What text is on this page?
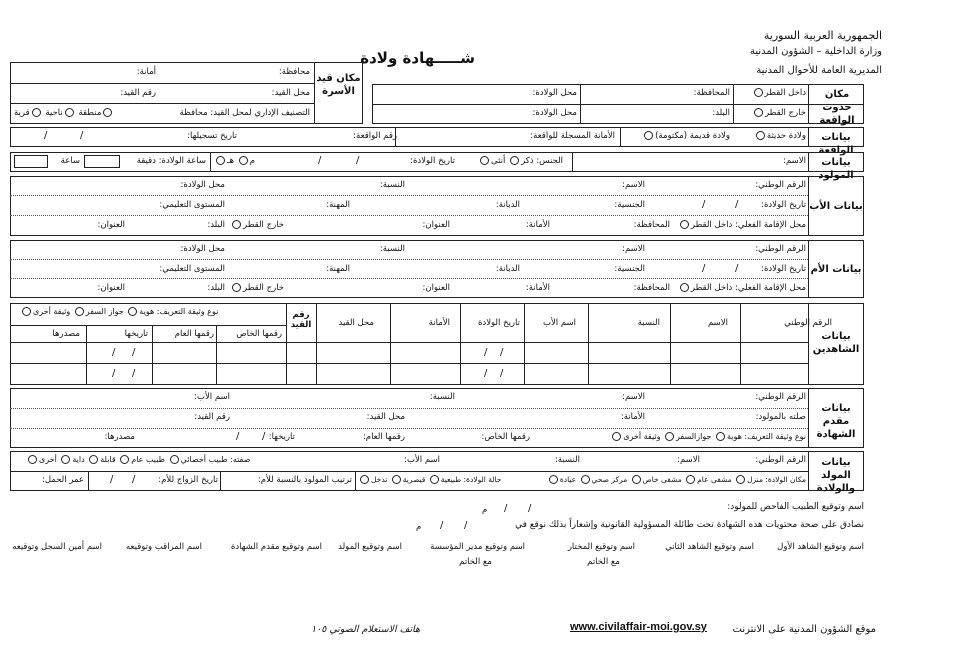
الجمهورية العربية السورية
وزارة الداخلية – الشؤون المدنية
المديرية العامة للأحوال المدنية
شـــــهادة ولادة
مكان قيد الأسرة
محافظة:
أمانة:
محل القيد:
رقم القيد:
التصنيف الإداري لمحل القيد: محافظة
منطقة ناحية قرية
مكان حدوث الواقعة
داخل القطر
خارج القطر
المحافظة:
البلد:
محل الولادة:
محل الولادة:
بيانات الواقعة
ولادة حديثة
ولادة قديمة (مكتومة)
الأمانة المسجلة للواقعة:
رقم الواقعة:
تاريخ تسجيلها:
/	/
بيانات المولود
الاسم:
الجنس: ذكر أنثى
تاريخ الولادة:
/
/
م هـ
ساعة الولادة: دقيقة
ساعة
بيانات الأب
الرقم الوطني:
الاسم:
النسبة:
محل الولادة:
تاريخ الولادة:
/
/
الجنسية:
الديانة:
المهنة:
المستوى التعليمي:
محل الإقامة الفعلي: داخل القطر
المحافظة:
الأمانة:
العنوان:
خارج القطر
البلد:
العنوان:
بيانات الأم
الرقم الوطني:
الاسم:
النسبة:
محل الولادة:
تاريخ الولادة:
/
/
الجنسية:
الديانة:
المهنة:
المستوى التعليمي:
محل الإقامة الفعلي: داخل القطر
المحافظة:
الأمانة:
العنوان:
خارج القطر
البلد:
العنوان:
بيانات الشاهدين
الرقم الوطني
الاسم
النسبة
اسم الأب
تاريخ الولادة
الأمانة
محل القيد
رقم القيد
نوع وثيقة التعريف: هوية جواز السفر وثيقة أخرى
رقمها الخاص
رقمها العام
تاريخها
مصدرها
/
/
/
/
/
/
/
/
بيانات مقدم الشهادة
الرقم الوطني:
الاسم:
النسبة:
اسم الأب:
صلته بالمولود:
الأمانة:
محل القيد:
رقم القيد:
نوع وثيقة التعريف: هوية جوازالسفر وثيقة أخرى
رقمها الخاص:
رقمها العام:
تاريخها:
/
/
مصدرها:
بيانات المولد والولادة
الرقم الوطني:
الاسم:
النسبة:
اسم الأب:
صفته: طبيب أخصائي طبيب عام قابلة داية أخرى
مكان الولادة: منزل مشفى عام مشفى خاص مركز صحي عيادة
حالة الولادة: طبيعية قيصرية تدخل
ترتيب المولود بالنسبة للأم:
تاريخ الزواج للأم:
/
/
عمر الحمل:
اسم وتوقيع الطبيب الفاحص للمولود:
/
/
م
نصادق على صحة محتويات هذه الشهادة تحت طائلة المسؤولية القانونية وإشعاراً بذلك نوقع في
/
/
م
اسم وتوقيع الشاهد الأول
اسم وتوقيع الشاهد الثاني
اسم وتوقيع المختار
اسم وتوقيع مدير المؤسسة
اسم وتوقيع المولد
اسم وتوقيع مقدم الشهادة
اسم المراقب وتوقيعه
اسم أمين السجل وتوقيعه
مع الخاتم
مع الخاتم
موقع الشؤون المدنية على الانترنت
www.civilaffair-moi.gov.sy
هاتف الاستعلام الصوتي ١٠٥
